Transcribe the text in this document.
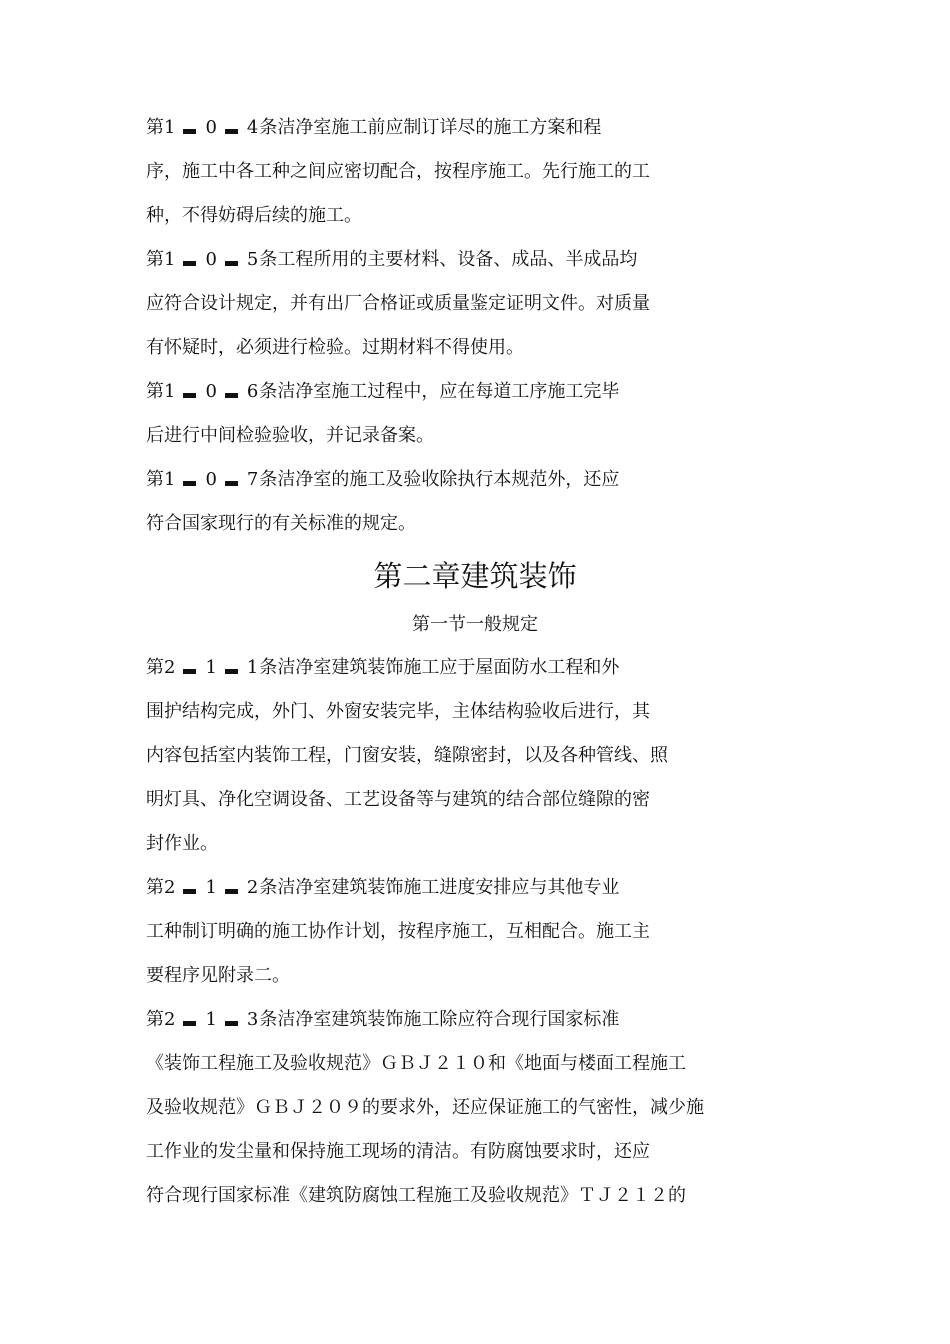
第1 0 4条洁净室施工前应制订详尽的施工方案和程
序，施工中各工种之间应密切配合，按程序施工。先行施工的工
种，不得妨碍后续的施工。
第1 0 5条工程所用的主要材料、设备、成品、半成品均
应符合设计规定，并有出厂合格证或质量鉴定证明文件。对质量
有怀疑时，必须进行检验。过期材料不得使用。
第1 0 6条洁净室施工过程中，应在每道工序施工完毕
后进行中间检验验收，并记录备案。
第1 0 7条洁净室的施工及验收除执行本规范外，还应
符合国家现行的有关标准的规定。
第二章建筑装饰
第一节一般规定
第2 1 1条洁净室建筑装饰施工应于屋面防水工程和外
围护结构完成，外门、外窗安装完毕，主体结构验收后进行，其
内容包括室内装饰工程，门窗安装，缝隙密封，以及各种管线、照
明灯具、净化空调设备、工艺设备等与建筑的结合部位缝隙的密
封作业。
第2 1 2条洁净室建筑装饰施工进度安排应与其他专业
工种制订明确的施工协作计划，按程序施工，互相配合。施工主
要程序见附录二。
第2 1 3条洁净室建筑装饰施工除应符合现行国家标准
《装饰工程施工及验收规范》ＧＢＪ２１０和《地面与楼面工程施工
及验收规范》ＧＢＪ２０９的要求外，还应保证施工的气密性，减少施
工作业的发尘量和保持施工现场的清洁。有防腐蚀要求时，还应
符合现行国家标准《建筑防腐蚀工程施工及验收规范》ＴＪ２１２的
